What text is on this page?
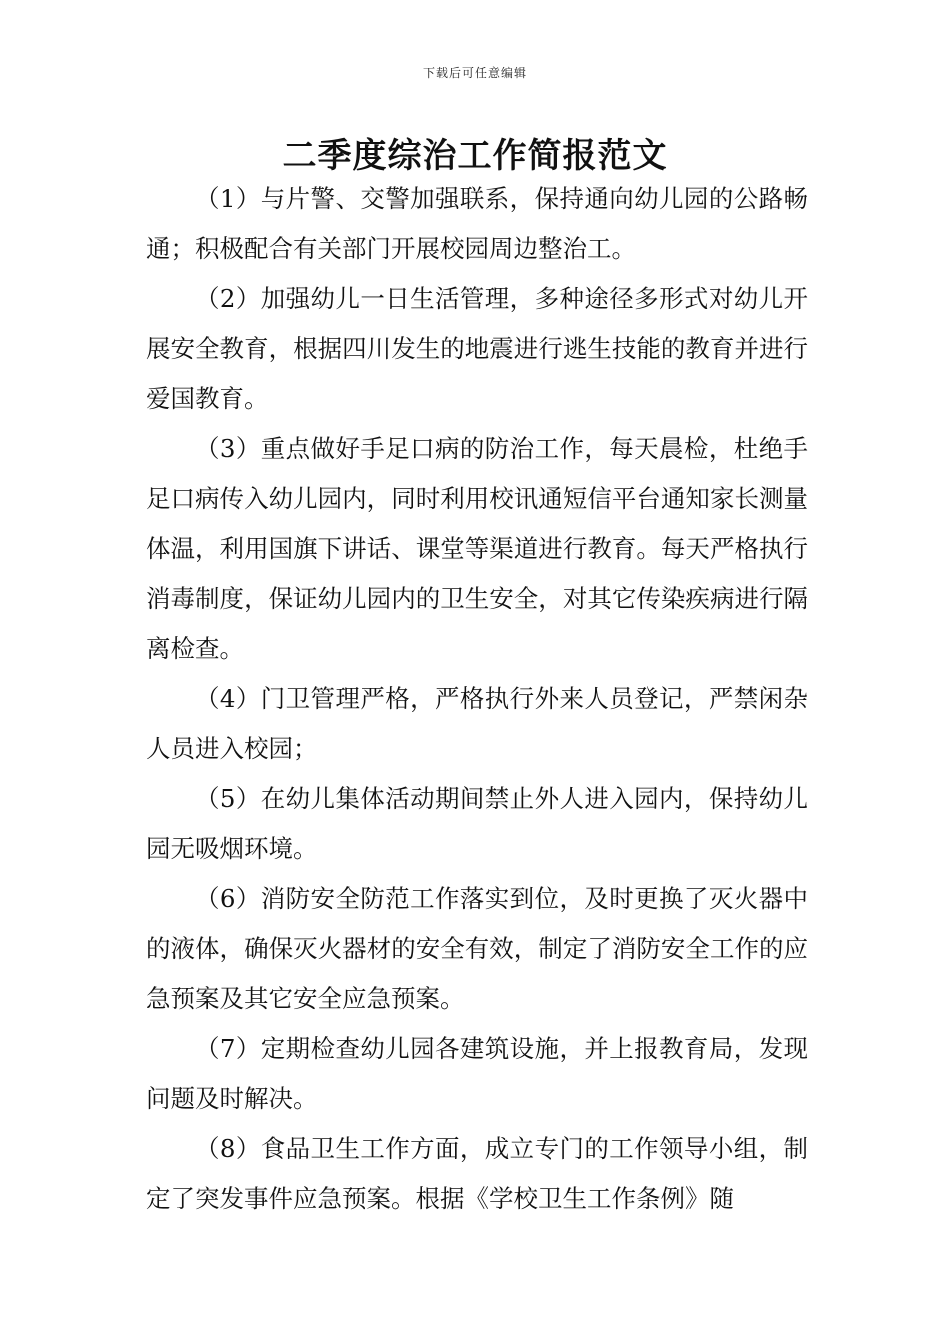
下载后可任意编辑
二季度综治工作简报范文

（1）与片警、交警加强联系，保持通向幼儿园的公路畅通；积极配合有关部门开展校园周边整治工。

（2）加强幼儿一日生活管理，多种途径多形式对幼儿开展安全教育，根据四川发生的地震进行逃生技能的教育并进行爱国教育。

（3）重点做好手足口病的防治工作，每天晨检，杜绝手足口病传入幼儿园内，同时利用校讯通短信平台通知家长测量体温，利用国旗下讲话、课堂等渠道进行教育。每天严格执行消毒制度，保证幼儿园内的卫生安全，对其它传染疾病进行隔离检查。

（4）门卫管理严格，严格执行外来人员登记，严禁闲杂人员进入校园；

（5）在幼儿集体活动期间禁止外人进入园内，保持幼儿园无吸烟环境。

（6）消防安全防范工作落实到位，及时更换了灭火器中的液体，确保灭火器材的安全有效，制定了消防安全工作的应急预案及其它安全应急预案。

（7）定期检查幼儿园各建筑设施，并上报教育局，发现问题及时解决。

（8）食品卫生工作方面，成立专门的工作领导小组，制定了突发事件应急预案。根据《学校卫生工作条例》随
